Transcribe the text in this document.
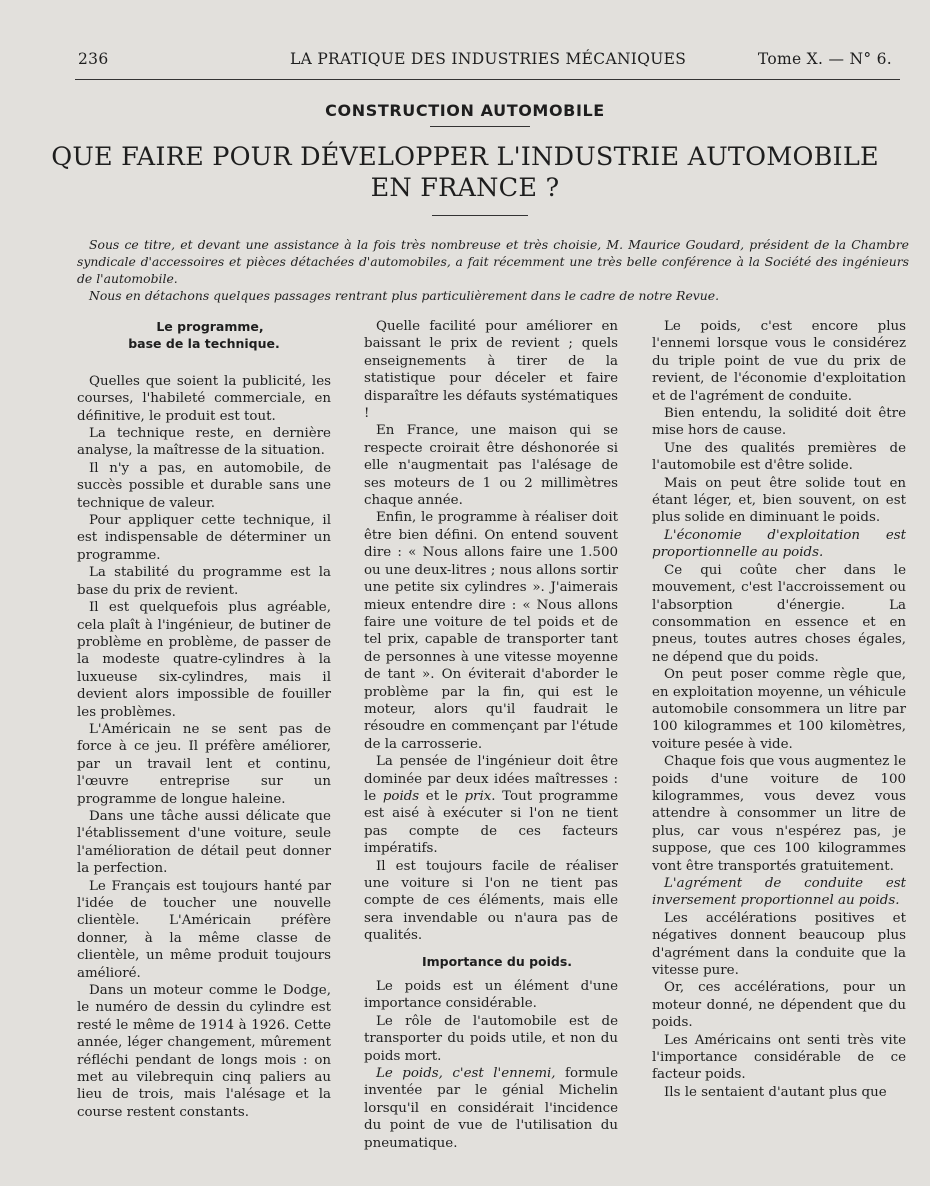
236	LA PRATIQUE DES INDUSTRIES MÉCANIQUES	Tome X. — N° 6.
CONSTRUCTION AUTOMOBILE
QUE FAIRE POUR DÉVELOPPER L'INDUSTRIE AUTOMOBILE
EN FRANCE ?

Sous ce titre, et devant une assistance à la fois très nombreuse et très choisie, M. Maurice Goudard, président de la Chambre syndicale d'accessoires et pièces détachées d'automobiles, a fait récemment une très belle conférence à la Société des ingénieurs de l'automobile.

Nous en détachons quelques passages rentrant plus particulièrement dans le cadre de notre Revue.

Le programme,
base de la technique.

Quelles que soient la publicité, les courses, l'habileté commerciale, en définitive, le produit est tout.

La technique reste, en dernière analyse, la maîtresse de la situation.

Il n'y a pas, en automobile, de succès possible et durable sans une technique de valeur.

Pour appliquer cette technique, il est indispensable de déterminer un programme.

La stabilité du programme est la base du prix de revient.

Il est quelquefois plus agréable, cela plaît à l'ingénieur, de butiner de problème en problème, de passer de la modeste quatre-cylindres à la luxueuse six-cylindres, mais il devient alors impossible de fouiller les problèmes.

L'Américain ne se sent pas de force à ce jeu. Il préfère améliorer, par un travail lent et continu, l'œuvre entreprise sur un programme de longue haleine.

Dans une tâche aussi délicate que l'établissement d'une voiture, seule l'amélioration de détail peut donner la perfection.

Le Français est toujours hanté par l'idée de toucher une nouvelle clientèle. L'Américain préfère donner, à la même classe de clientèle, un même produit toujours amélioré.

Dans un moteur comme le Dodge, le numéro de dessin du cylindre est resté le même de 1914 à 1926. Cette année, léger changement, mûrement réfléchi pendant de longs mois : on met au vilebrequin cinq paliers au lieu de trois, mais l'alésage et la course restent constants.

Quelle facilité pour améliorer en baissant le prix de revient ; quels enseignements à tirer de la statistique pour déceler et faire disparaître les défauts systématiques !

En France, une maison qui se respecte croirait être déshonorée si elle n'augmentait pas l'alésage de ses moteurs de 1 ou 2 millimètres chaque année.

Enfin, le programme à réaliser doit être bien défini. On entend souvent dire : « Nous allons faire une 1.500 ou une deux-litres ; nous allons sortir une petite six cylindres ». J'aimerais mieux entendre dire : « Nous allons faire une voiture de tel poids et de tel prix, capable de transporter tant de personnes à une vitesse moyenne de tant ». On éviterait d'aborder le problème par la fin, qui est le moteur, alors qu'il faudrait le résoudre en commençant par l'étude de la carrosserie.

La pensée de l'ingénieur doit être dominée par deux idées maîtresses : le poids et le prix. Tout programme est aisé à exécuter si l'on ne tient pas compte de ces facteurs impératifs.

Il est toujours facile de réaliser une voiture si l'on ne tient pas compte de ces éléments, mais elle sera invendable ou n'aura pas de qualités.

Importance du poids.

Le poids est un élément d'une importance considérable.

Le rôle de l'automobile est de transporter du poids utile, et non du poids mort.

Le poids, c'est l'ennemi, formule inventée par le génial Michelin lorsqu'il en considérait l'incidence du point de vue de l'utilisation du pneumatique.

Le poids, c'est encore plus l'ennemi lorsque vous le considérez du triple point de vue du prix de revient, de l'économie d'exploitation et de l'agrément de conduite.

Bien entendu, la solidité doit être mise hors de cause.

Une des qualités premières de l'automobile est d'être solide.

Mais on peut être solide tout en étant léger, et, bien souvent, on est plus solide en diminuant le poids.

L'économie d'exploitation est proportionnelle au poids.

Ce qui coûte cher dans le mouvement, c'est l'accroissement ou l'absorption d'énergie. La consommation en essence et en pneus, toutes autres choses égales, ne dépend que du poids.

On peut poser comme règle que, en exploitation moyenne, un véhicule automobile consommera un litre par 100 kilogrammes et 100 kilomètres, voiture pesée à vide.

Chaque fois que vous augmentez le poids d'une voiture de 100 kilogrammes, vous devez vous attendre à consommer un litre de plus, car vous n'espérez pas, je suppose, que ces 100 kilogrammes vont être transportés gratuitement.

L'agrément de conduite est inversement proportionnel au poids.

Les accélérations positives et négatives donnent beaucoup plus d'agrément dans la conduite que la vitesse pure.

Or, ces accélérations, pour un moteur donné, ne dépendent que du poids.

Les Américains ont senti très vite l'importance considérable de ce facteur poids.

Ils le sentaient d'autant plus que
